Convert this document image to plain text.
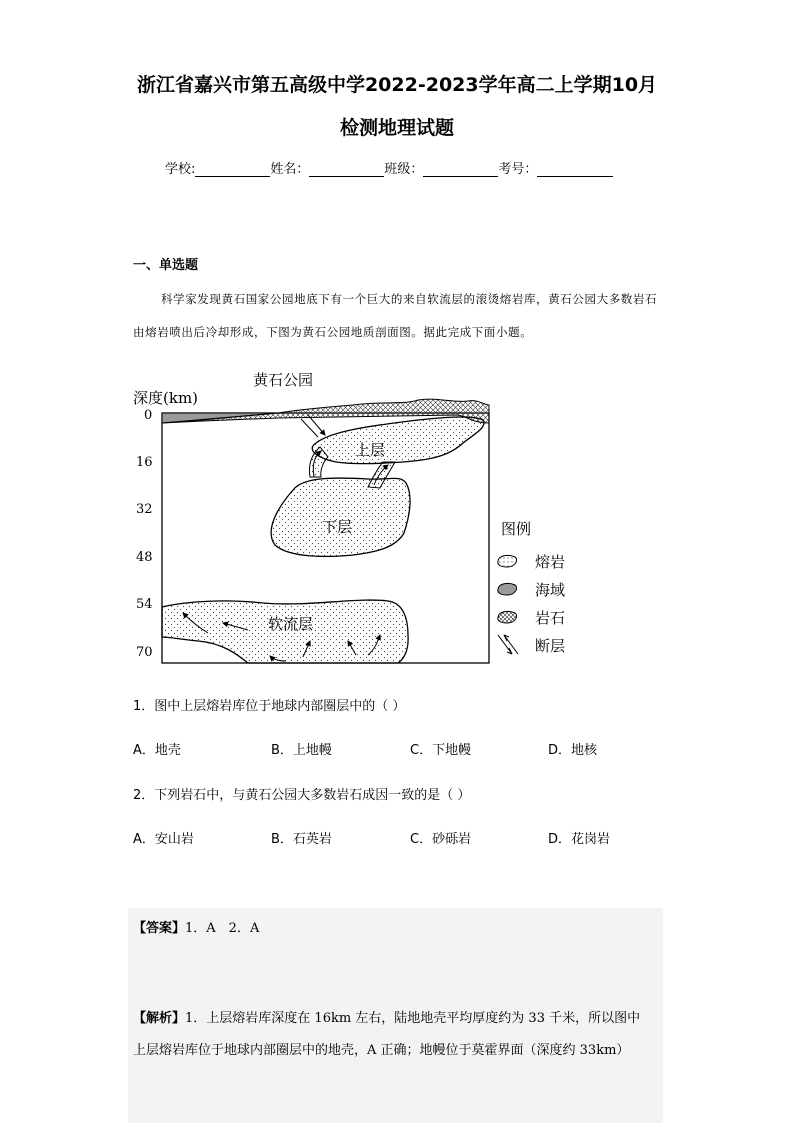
浙江省嘉兴市第五高级中学2022-2023学年高二上学期10月
检测地理试题
学校:	姓名：	班级：	考号：
一、单选题
科学家发现黄石国家公园地底下有一个巨大的来自软流层的滚烫熔岩库，黄石公园大多数岩石由熔岩喷出后冷却形成，下图为黄石公园地质剖面图。据此完成下面小题。
黄石公园
深度(km)
0
16
32
48
54
70
上层
下层
软流层
图例
熔岩
海域
岩石
断层
1．图中上层熔岩库位于地球内部圈层中的（ ）
A．地壳	B．上地幔	C．下地幔	D．地核
2．下列岩石中，与黄石公园大多数岩石成因一致的是（ ）
A．安山岩	B．石英岩	C．砂砾岩	D．花岗岩
【答案】1．A　2．A
【解析】1．上层熔岩库深度在 16km 左右，陆地地壳平均厚度约为 33 千米，所以图中
上层熔岩库位于地球内部圈层中的地壳，A 正确；地幔位于莫霍界面（深度约 33km）
